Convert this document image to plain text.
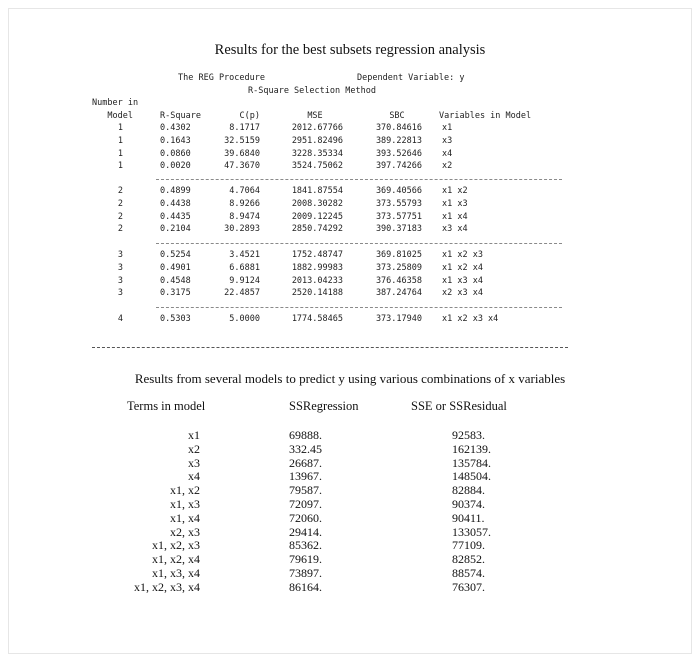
Results for the best subsets regression analysis
The REG Procedure	Dependent Variable: y
R-Square Selection Method
Number in
Model	R-Square	C(p)	MSE	SBC	Variables in Model
1	0.4302	8.1717	2012.67766	370.84616 x1
1	0.1643	32.5159	2951.82496	389.22813 x3
1	0.0860	39.6840	3228.35334	393.52646 x4
1	0.0020	47.3670	3524.75062	397.74266 x2
2	0.4899	4.7064	1841.87554	369.40566 x1 x2
2	0.4438	8.9266	2008.30282	373.55793 x1 x3
2	0.4435	8.9474	2009.12245	373.57751 x1 x4
2	0.2104	30.2893	2850.74292	390.37183 x3 x4
3	0.5254	3.4521	1752.48747	369.81025 x1 x2 x3
3	0.4901	6.6881	1882.99983	373.25809 x1 x2 x4
3	0.4548	9.9124	2013.04233	376.46358 x1 x3 x4
3	0.3175	22.4857	2520.14188	387.24764 x2 x3 x4
4	0.5303	5.0000	1774.58465	373.17940 x1 x2 x3 x4
Results from several models to predict y using various combinations of x variables
Terms in model	SSRegression	SSE or SSResidual
x1	69888.	92583.
x2	332.45	162139.
x3	26687.	135784.
x4	13967.	148504.
x1, x2	79587.	82884.
x1, x3	72097.	90374.
x1, x4	72060.	90411.
x2, x3	29414.	133057.
x1, x2, x3	85362.	77109.
x1, x2, x4	79619.	82852.
x1, x3, x4	73897.	88574.
x1, x2, x3, x4	86164.	76307.
